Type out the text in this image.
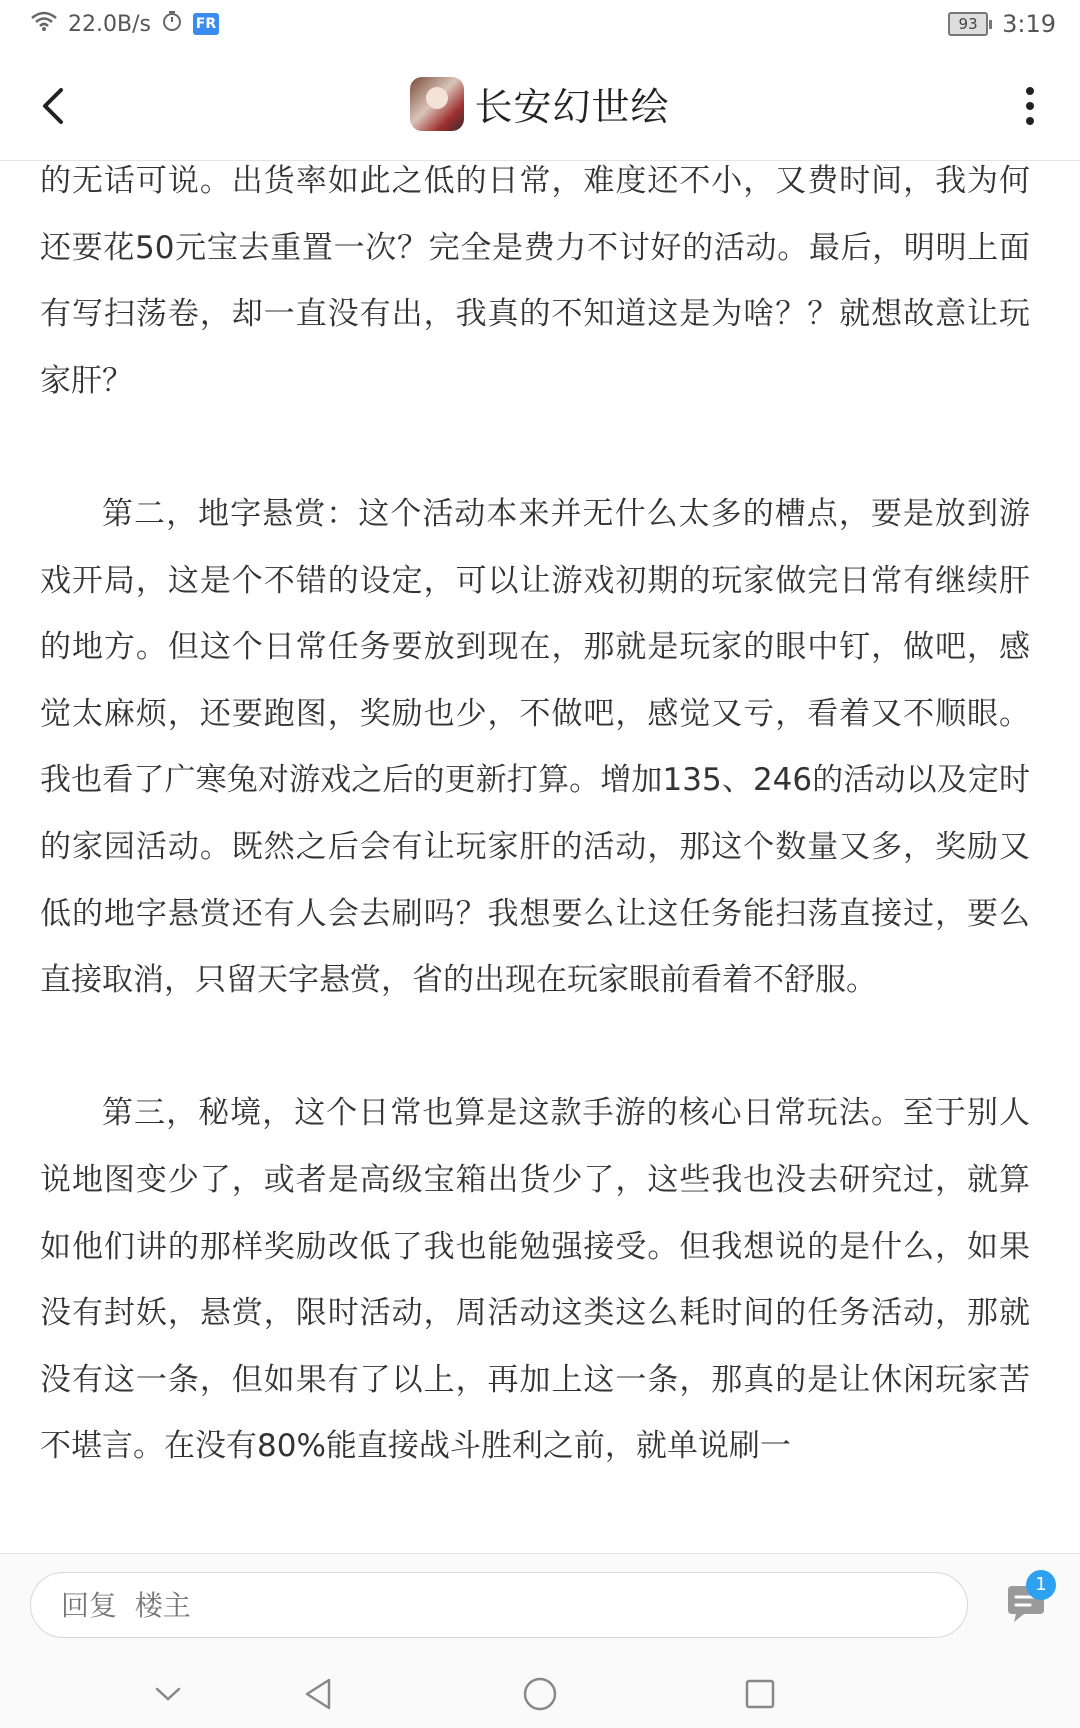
22.0B/s	FR	93	3:19
长安幻世绘

的无话可说。出货率如此之低的日常，难度还不小，又费时间，我为何还要花50元宝去重置一次？完全是费力不讨好的活动。最后，明明上面有写扫荡卷，却一直没有出，我真的不知道这是为啥？？就想故意让玩家肝？

第二，地字悬赏：这个活动本来并无什么太多的槽点，要是放到游戏开局，这是个不错的设定，可以让游戏初期的玩家做完日常有继续肝的地方。但这个日常任务要放到现在，那就是玩家的眼中钉，做吧，感觉太麻烦，还要跑图，奖励也少，不做吧，感觉又亏，看着又不顺眼。我也看了广寒兔对游戏之后的更新打算。增加135、246的活动以及定时的家园活动。既然之后会有让玩家肝的活动，那这个数量又多，奖励又低的地字悬赏还有人会去刷吗？我想要么让这任务能扫荡直接过，要么直接取消，只留天字悬赏，省的出现在玩家眼前看着不舒服。

第三，秘境，这个日常也算是这款手游的核心日常玩法。至于别人说地图变少了，或者是高级宝箱出货少了，这些我也没去研究过，就算如他们讲的那样奖励改低了我也能勉强接受。但我想说的是什么，如果没有封妖，悬赏，限时活动，周活动这类这么耗时间的任务活动，那就没有这一条，但如果有了以上，再加上这一条，那真的是让休闲玩家苦不堪言。在没有80%能直接战斗胜利之前，就单说刷一

回复 楼主
1
